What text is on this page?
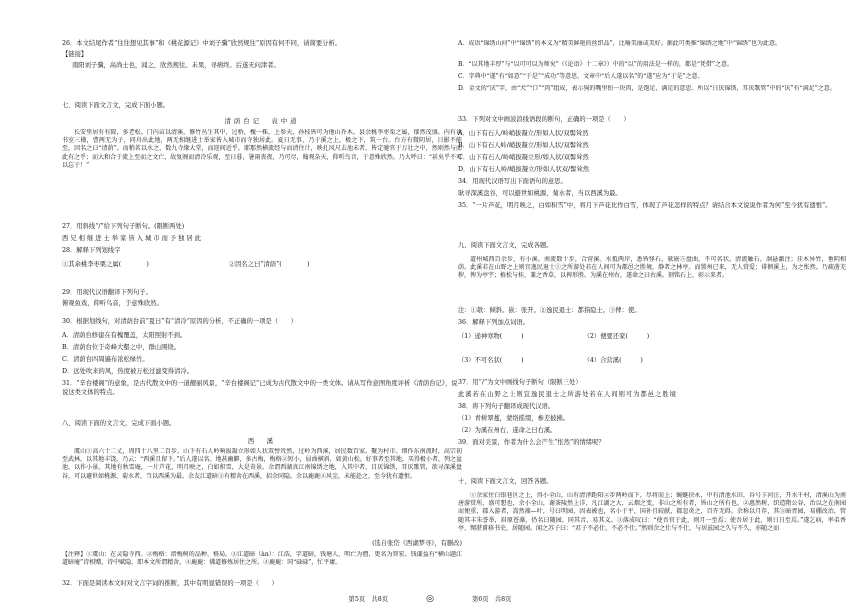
26．本文结尾作者“往往想见其事”和《桃花源记》中刘子骥“欣然规往”原因有何不同，请简要分析。
【链接】
南阳刘子骥，高尚士也，闻之，欣然规往。未果，寻病终。后遂无问津者。
七、阅读下面文言文，完成下面小题。
清荫台记　袁中道
长安里居有有隙，多老松。门内亩以清溪，修竹丛生其中，过桥，槐一株，上参天，孙枝皆可为他山乔木。县余桃李枣栗之属，郁然茂盛。内有读书室三楹，曹两无为子，同舟出此地，两无相继进士举家皆入城市而寺独居此。夏日无事，乃于溪之上，极之下，筑一台。台方有微阴居，日影不能至，因名之曰“清荫”。而稍茗以水之，数九寺缘大堂，而迎间近乎。耶那然横流经与而清住计，映扎风尺去池未者，皆定驰官于万壮之中，然则然与而此有之乎；而大和合于流上至而之文亡，故复阁而清冷乐观，至日暮，暑雨丧夜，乃可尽，翰观杂天，仰听鸟音，于意殊欣然。乃大呼曰：“甚矣乎不可以忘于！”
27．用斜线“/”给下列句子断句。(限断两处)
西 兄 相 继 进 士 举 家 皆 入 城 市 而 予 独 居 此
28．解释下列划线字
①其余桃李枣栗之属(　　　　)	②因名之曰“清荫”(　　　　)
29．用现代汉语翻译下列句子。
俯观鱼戏，仰听鸟音，于意殊欣然。
30．根据划线句，对清荫台前“夏日”有“清冷”原因的分析，不正确的一项是（　　）
A．清荫台修建在有槐覆盖，太阳照射不到。
B．清荫台位于奇峰大壑之中，群山围绕。
C．清荫台四周遍布浓松绿竹。
D．远处吹来的风，热度被万松过滤变得清冷。
31．“辛台楼阁”的意象，是古代散文中的一道靓丽风景，“辛台楼阁记”已成为古代散文中的一类文体。请从写作意图角度评析《清荫台记》，说说这类文体的特点。
八、阅读下面的文言文，完成下面小题。
西　溪
虞山①高六十二丈，周四十八里二百步。山下有石人岭响拔凝立形如人状双髻耸然，过岭为西溪，居民数百家。聚为村市。细作东南流时，高宗初至武林，以其地丰饶，乃云：“西溪且留下。”后人遂以名。地甚幽僻，多古梅，梅格②短小，屈曲横斜，如黄山松。好事者至其地，买得极小者，列之盆池，以作小景。其地有秋雪庵，一片芦花，明月映之，白如积雪，大是奇景。余谓西湖真江南锦绣之地，入其中者，目厌锦绣，耳厌歌管，欲寻深溪盘谷，可以避世如桃源、菊水者，当以西溪为最。余友江道暗③有精舍在西溪，招余同隐。余以鹿鹿④风尘，未能赴之，至今犹有遗恨。
(选自张岱《西湖梦寻》，有删改)
【注释】①虞山：在灵隐寺西。②梅格：指梅树的品种、格局。③江道暗（àn）：江浩，字道暗，钱塘人，明亡为僧，更名为智宏。钱谦益有“横山题江道暗庵”诗相赠，诗中赋隐，即本文所谓精舍。④鹿鹿：佛道修炼居住之所。④鹿鹿：同“碌碌”，忙平庸。
32．下面是阅读本文时对文言字词的推断，其中有明显错误的一项是（　　）
A．成语“锦绣山河”中“锦绣”的本义为“精美鲜艳的丝织品”，比喻美丽或美好。据此可类推“锦绣之地”中“锦绣”也为此意。
B．“以其地丰厚”与“以可可以为师矣”（《论语》十二章》）中的“以”的用法是一样的，都是“凭借”之意。
C．字典中“遂”有“如意”“于是”“成功”等意思，文章中“后人遂以名”的“遂”应为“于是”之意。
D．金文的“厌”字，由“犬”“口”“肉”组成，表示狗的嘴里衔一块肉，是饱足、满足的意思。所以“日厌锦绣，耳厌歌管”中的“厌”有“满足”之意。
33．下列对文中画波浪线语段的断句，正确的一项是（　　）
A．山下有石人/岭峭拔凝立/形如人状/双髻耸然
B．山下有石人岭/峭拔凝立/形如人状/双髻耸然
C．山下有石人/岭峭拔凝立形/如人状/双髻耸然
D．山下有石人岭/峭拔凝立/形如人状双/髻耸然
34．用现代汉语写出下面语句的意思。
耿寻深溪盘谷，可以避世如桃源、菊水者，当以西溪为最。
35．“一片芦花，明月映之，白如积雪”中，将月下芦花比作白雪，体现了芦花怎样的特点？请结合本文说说作者为何“至今犹有遗恨”。
九、阅读下面文言文，完成各题。
道州城西百余步，有小溪。南流数十步，合营溪。水抵两岸，悉皆怪石，欹嵌⑤盘曲，不可名状。清流触石，洄悬激注；佳木异竹，垂阴相荫。此溪若在山野之上则宜逸民退士①之所游处若在人间可为都邑之胜境，静者之林亭。而置州已来，无人赏爱；徘徊溪上，为之怅然。乃疏凿芜秽，俾为亭宇；植松与桂，兼之香草，以裨形胜。为溪在州右，遂命之曰右溪。刻铭石上，彰示来者。
注：①欹：倾斜。嵌：张开。②逸民退士：都指隐士。③俾：使。
36．解释下列加点词语。
（1）递神寒物(　　　)	（2）便要还家(　　　)
（3）不可名状(　　　)	（4）合营溪(　　　)
37．用“/”为文中画线句子断句（限断三处）
此 溪 若 在 山 野 之 上 则 宜 逸 民 退 士 之 所 游 处 若 在 人 间 则 可 为 都 邑 之 胜 境
38．将下列句子翻译成现代汉语。
（1）青树翠蔓，蒙络摇缀，参差披拂。
（2）为溪在州右，遂命之曰右溪。
39．面对美景，作者为什么会产生“怅然”的情绪呢？
十、阅读下面文言文，回答各题。
①余家住白银巷区之上，得小全山，山有清泽距阳②步两岭而下，尽将而上；蜿蜒抉永，中有清池水田，谷号卞河汪，开水千村，清溪山为南唐游赏所，盛可想也，余小全山，谢茶陵然上洋，凡江湖之大，云烟之变，非山之所有者，皆山之所有也。②惠然树，织造隋公谷，治以之在南园而便重，郡入游者，嵩然藻—叶，号曰明园，因表被也，名小于平，国补且较献，都忽炎之，百卉无碍。余称以月存，其③暗胥园，易棚改治，管随其丰朱誉举，眉原苍藻，仍名曰随园，同其音，易其义。③落成叹曰：“使吾官于此，则月一至焉；使吾居于此，则日日至焉。”遂乞病，率弟香亭、甥湛甫移书史，居随园。闻之苏子曰：“君子不必仕，不必不仕。”然则余之仕与不仕，与居兹园之久与不久，亦随之而
第5页　共8页	◎	第6页　共8页
